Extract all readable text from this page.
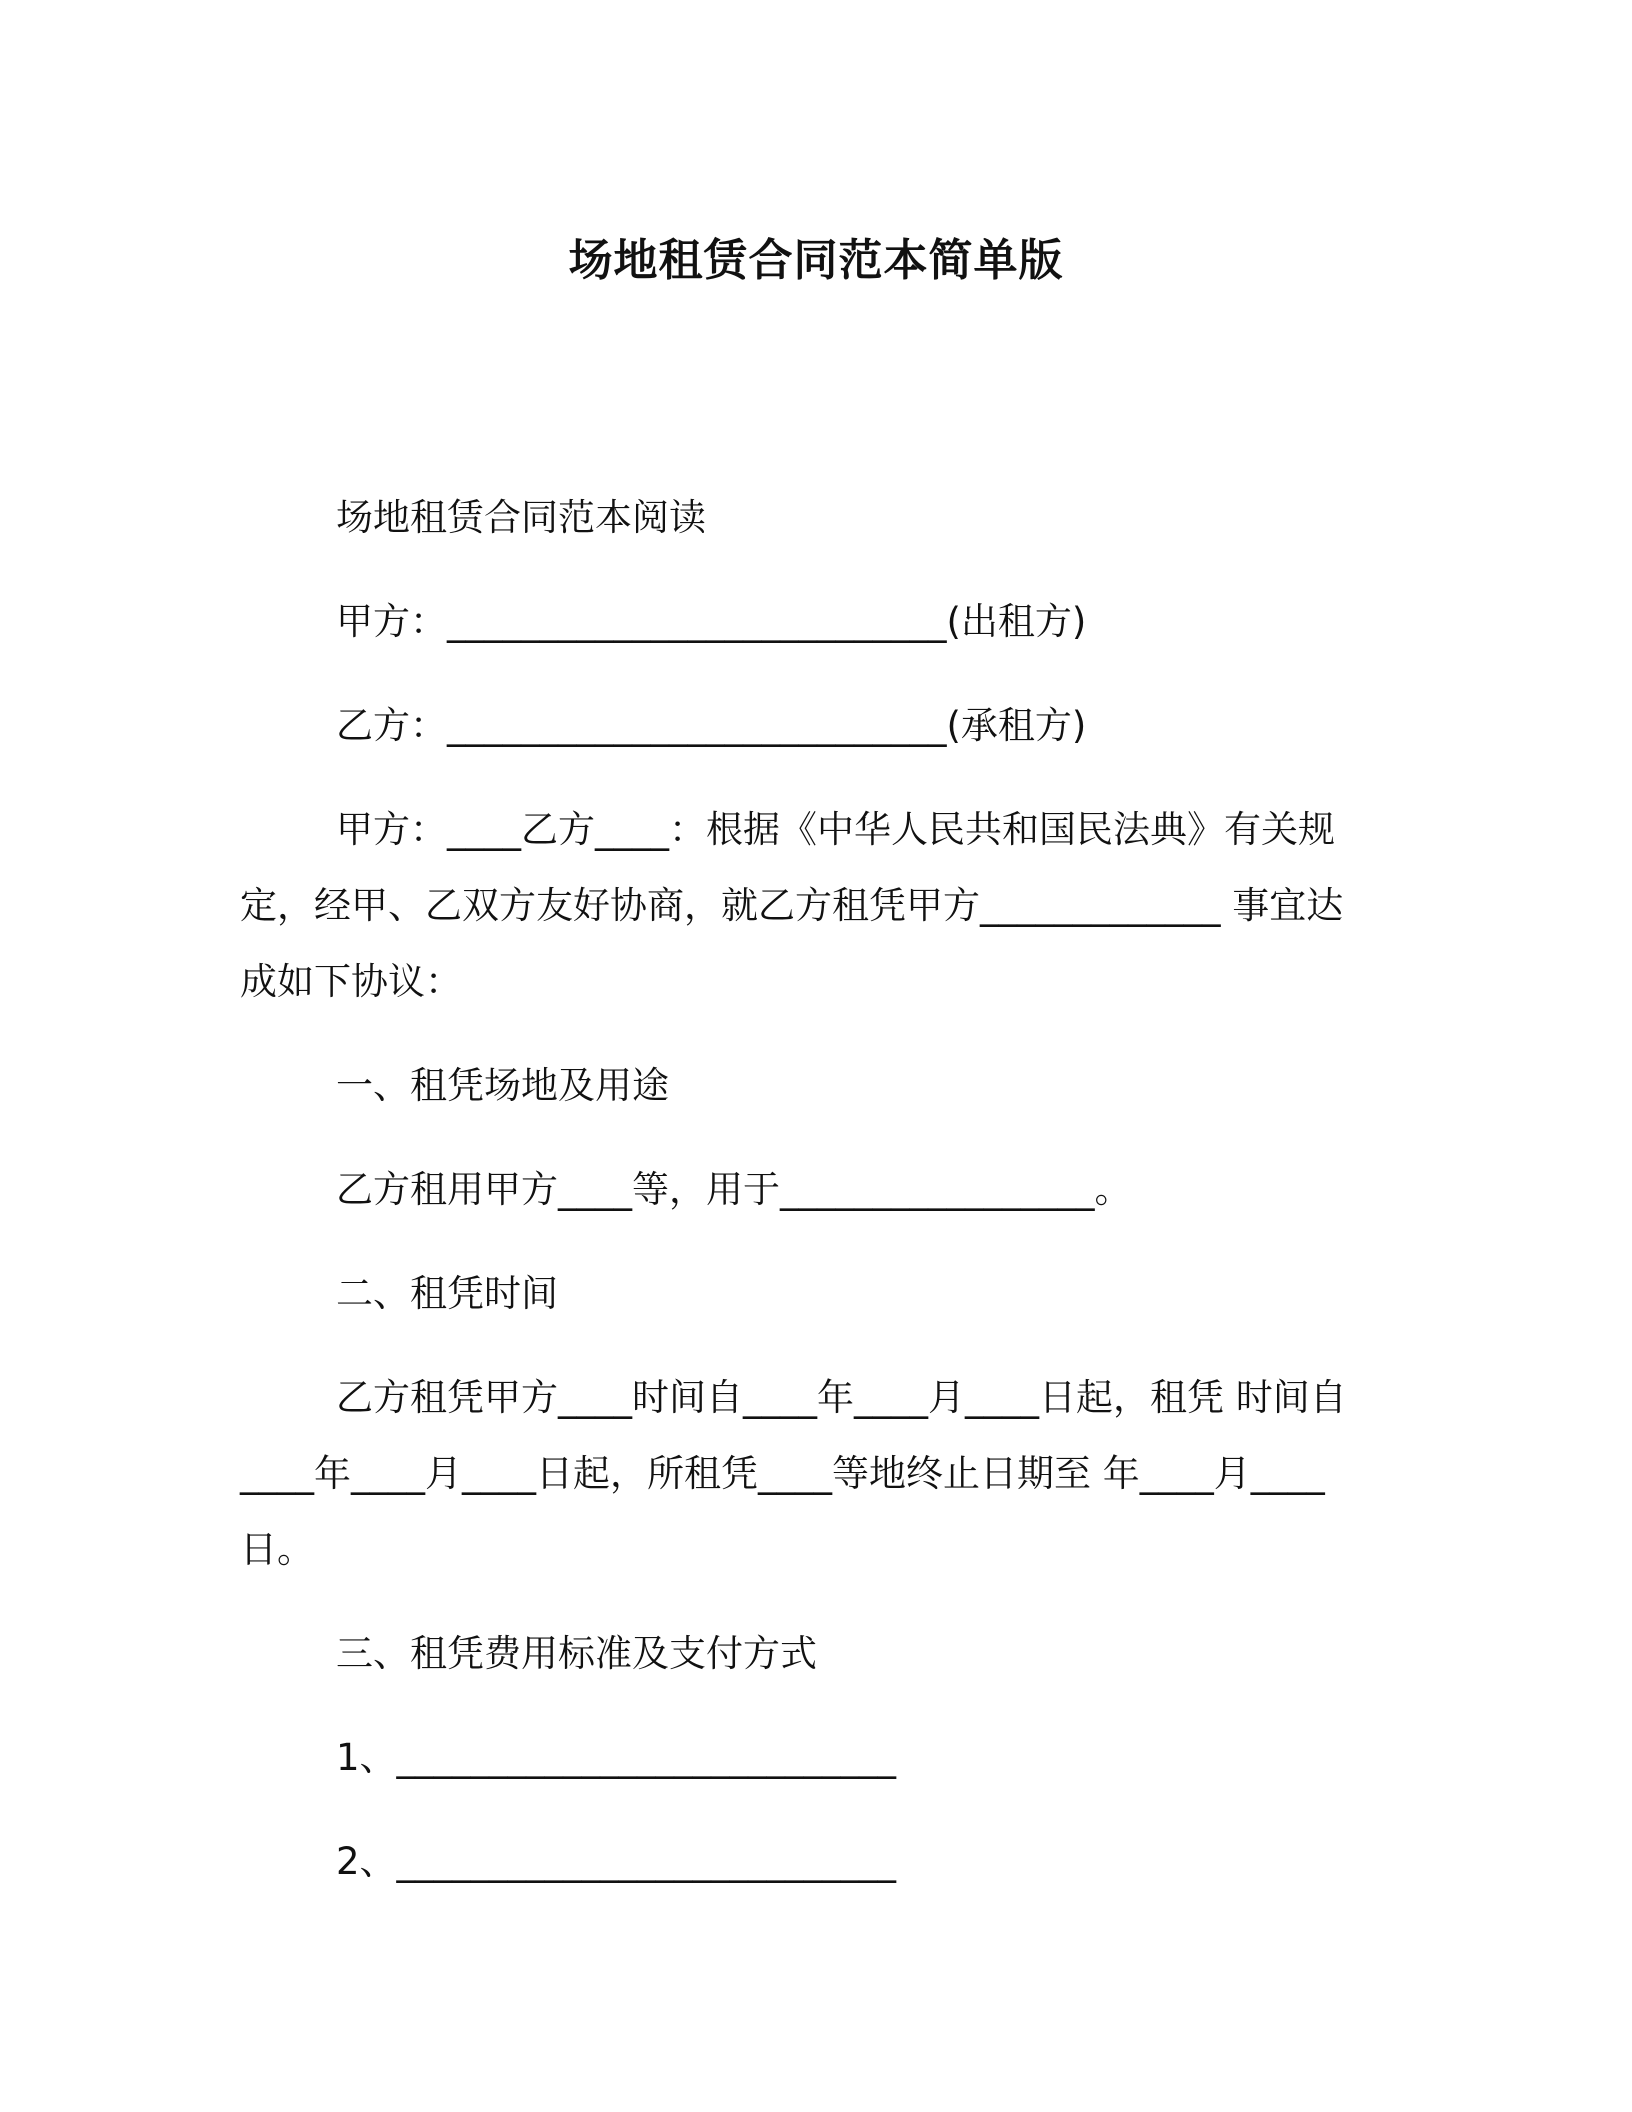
场地租赁合同范本简单版
场地租赁合同范本阅读
甲方：___________________________(出租方)
乙方：___________________________(承租方)
甲方：____乙方____：根据《中华人民共和国民法典》有关规
定，经甲、乙双方友好协商，就乙方租凭甲方_____________ 事宜达
成如下协议：
一、租凭场地及用途
乙方租用甲方____等，用于_________________。
二、租凭时间
乙方租凭甲方____时间自____年____月____日起，租凭 时间自
____年____月____日起，所租凭____等地终止日期至 年____月____
日。
三、租凭费用标准及支付方式
1、___________________________
2、___________________________
